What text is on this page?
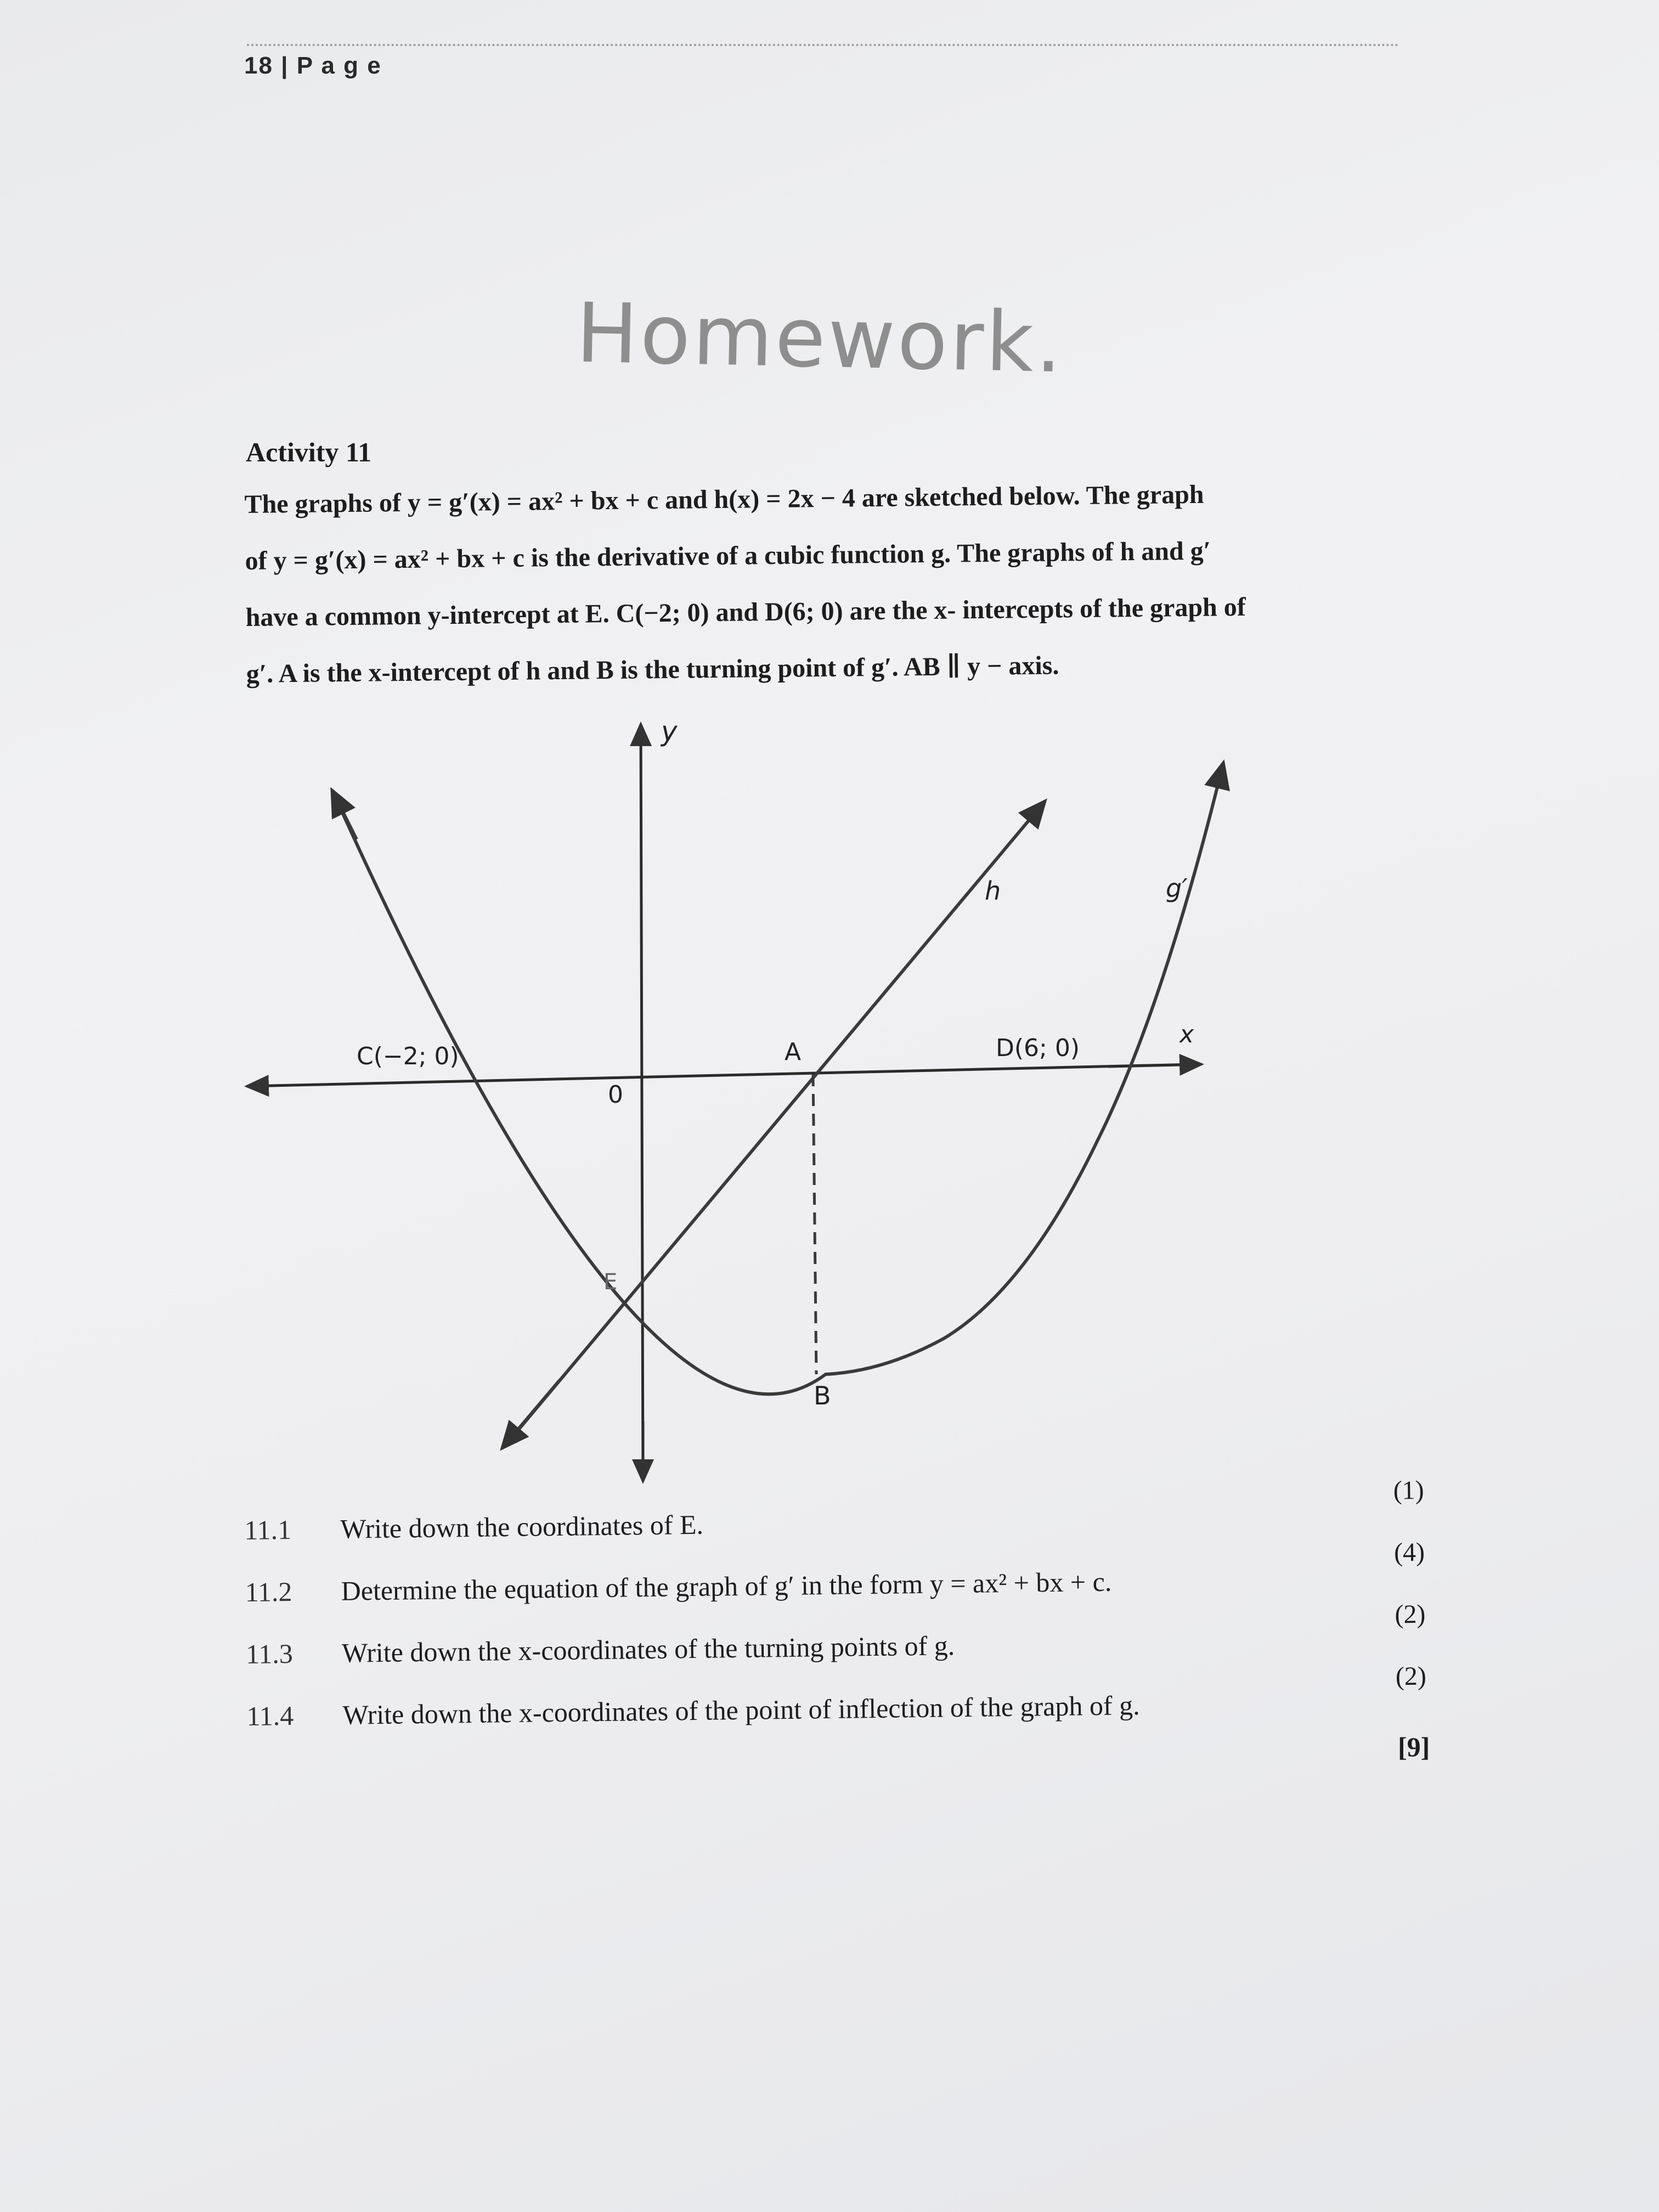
18 | P a g e
Homework.
Activity 11
The graphs of y = g′(x) = ax² + bx + c and h(x) = 2x − 4 are sketched below. The graph
of y = g′(x) = ax² + bx + c is the derivative of a cubic function g. The graphs of h and g′
have a common y-intercept at E. C(−2; 0) and D(6; 0) are the x- intercepts of the graph of
g′. A is the x-intercept of h and B is the turning point of g′. AB ∥ y − axis.
y
x
0
C(−2; 0)	A	D(6; 0)
E
B
h	g′
11.1 Write down the coordinates of E.
(1)
11.2 Determine the equation of the graph of g′ in the form y = ax² + bx + c.
(4)
11.3 Write down the x-coordinates of the turning points of g.
(2)
11.4 Write down the x-coordinates of the point of inflection of the graph of g.
(2)
[9]
